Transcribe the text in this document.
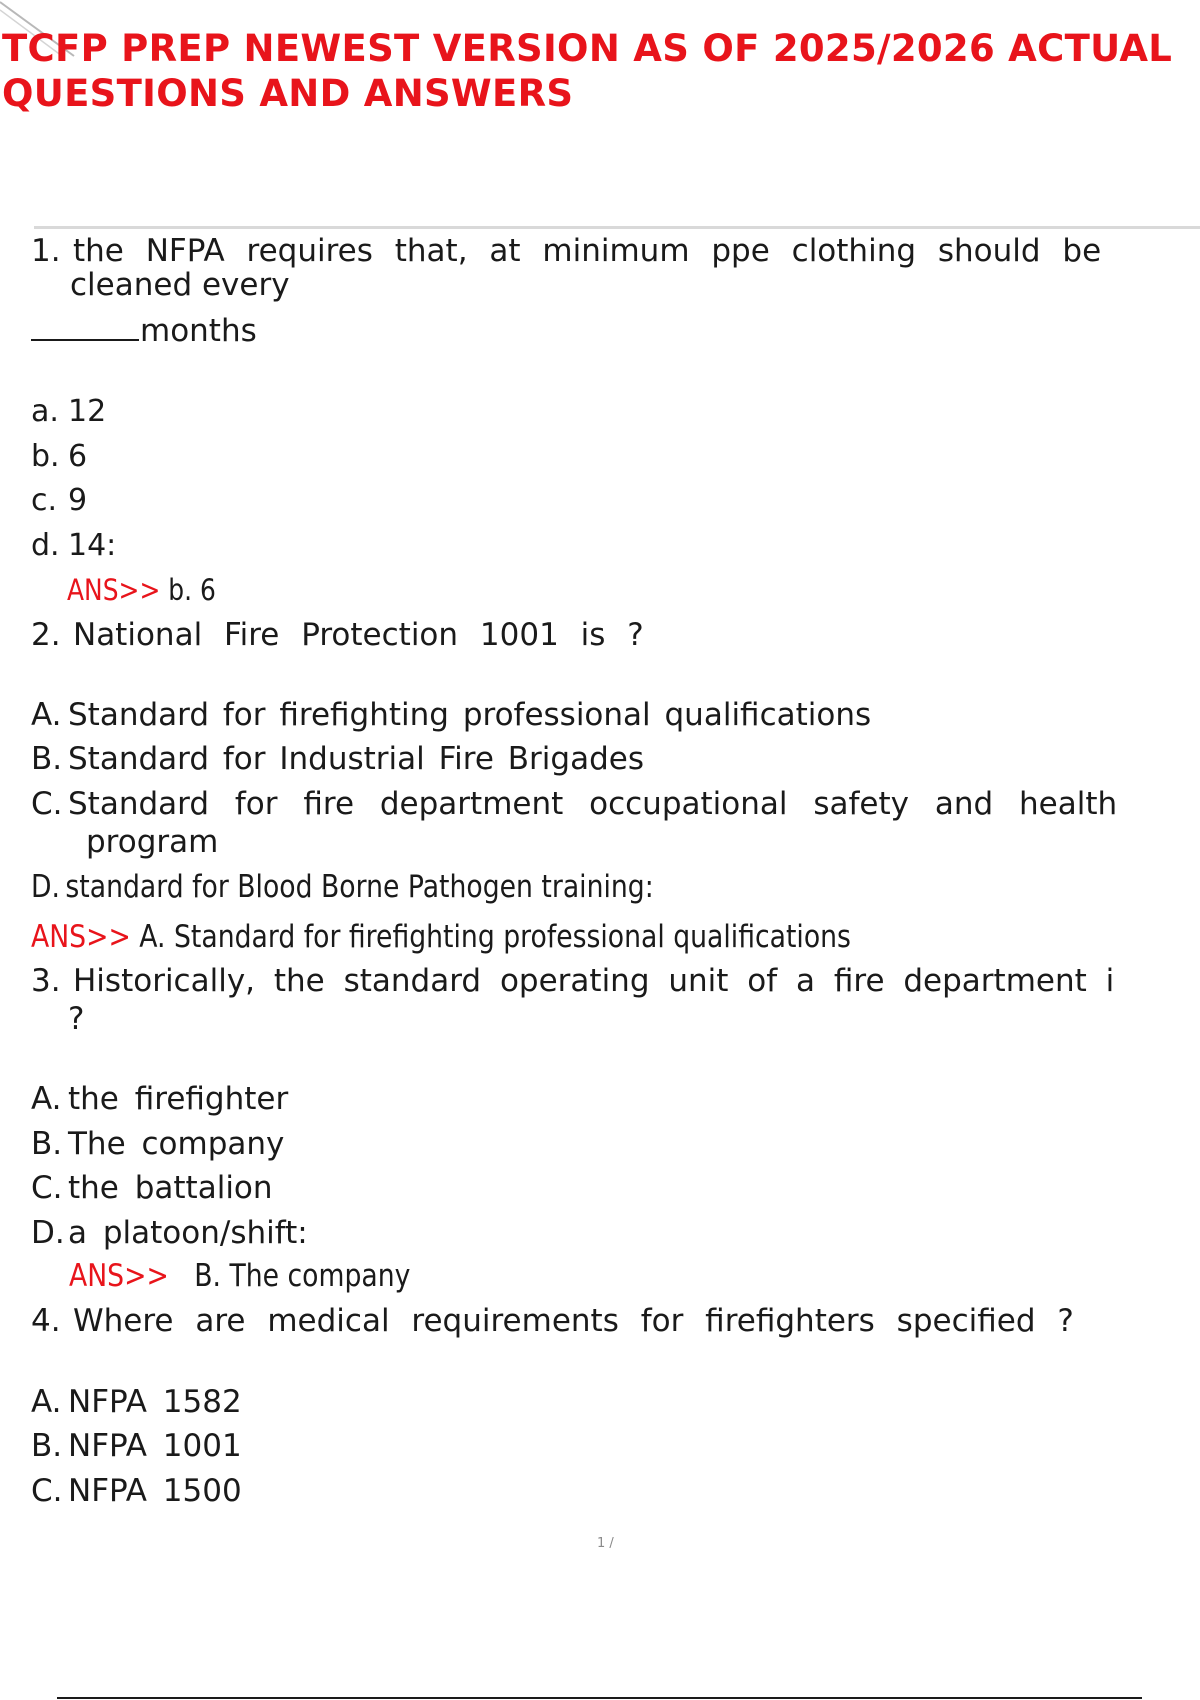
TCFP PREP NEWEST VERSION AS OF 2025/2026 ACTUAL QUESTIONS AND ANSWERS
1. the NFPA requires that, at minimum ppe clothing should be
cleaned every
months
a. 12
b. 6
c. 9
d. 14:
ANS>> b. 6
2. National Fire Protection 1001 is ?
A. Standard for firefighting professional qualifications
B. Standard for Industrial Fire Brigades
C. Standard for fire department occupational safety and health
program
D. standard for Blood Borne Pathogen training:
ANS>> A. Standard for firefighting professional qualifications
3. Historically, the standard operating unit of a fire department i
?
A. the firefighter
B. The company
C. the battalion
D. a platoon/shift:
ANS>> B. The company
4. Where are medical requirements for firefighters specified ?
A. NFPA 1582
B. NFPA 1001
C. NFPA 1500
1 /
